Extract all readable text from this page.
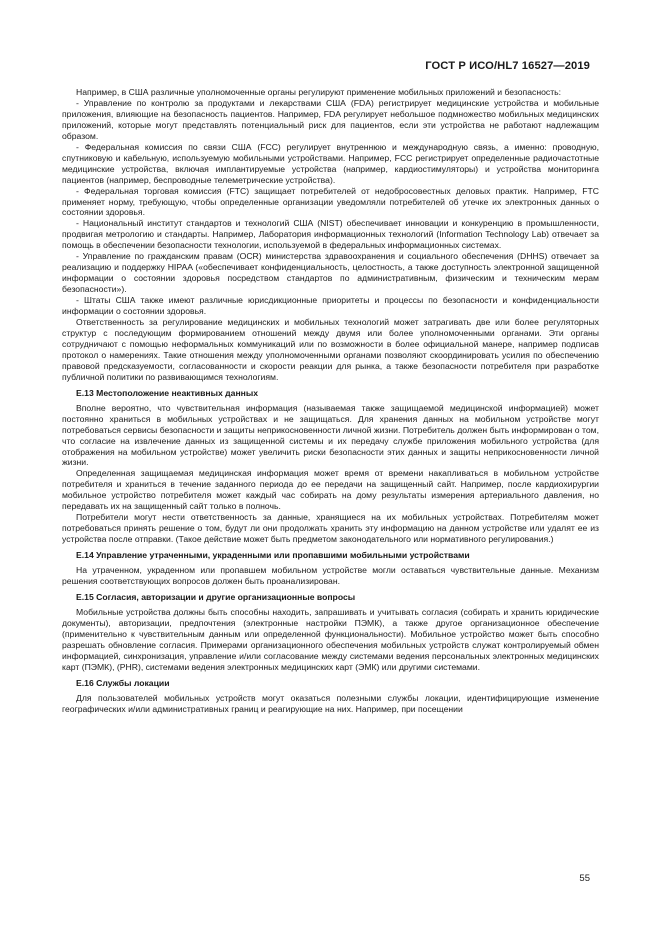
ГОСТ Р ИСО/HL7 16527—2019

Например, в США различные уполномоченные органы регулируют применение мобильных приложений и безопасность:

- Управление по контролю за продуктами и лекарствами США (FDA) регистрирует медицинские устройства и мобильные приложения, влияющие на безопасность пациентов. Например, FDA регулирует небольшое подмножество мобильных медицинских приложений, которые могут представлять потенциальный риск для пациентов, если эти устройства не работают надлежащим образом.

- Федеральная комиссия по связи США (FCC) регулирует внутреннюю и международную связь, а именно: проводную, спутниковую и кабельную, используемую мобильными устройствами. Например, FCC регистрирует определенные радиочастотные медицинские устройства, включая имплантируемые устройства (например, кардиостимуляторы) и устройства мониторинга пациентов (например, беспроводные телеметрические устройства).

- Федеральная торговая комиссия (FTC) защищает потребителей от недобросовестных деловых практик. Например, FTC применяет норму, требующую, чтобы определенные организации уведомляли потребителей об утечке их электронных данных о состоянии здоровья.

- Национальный институт стандартов и технологий США (NIST) обеспечивает инновации и конкуренцию в промышленности, продвигая метрологию и стандарты. Например, Лаборатория информационных технологий (Information Technology Lab) отвечает за помощь в обеспечении безопасности технологии, используемой в федеральных информационных системах.

- Управление по гражданским правам (OCR) министерства здравоохранения и социального обеспечения (DHHS) отвечает за реализацию и поддержку HIPAA («обеспечивает конфиденциальность, целостность, а также доступность электронной защищенной информации о состоянии здоровья посредством стандартов по административным, физическим и техническим мерам безопасности»).

- Штаты США также имеют различные юрисдикционные приоритеты и процессы по безопасности и конфиденциальности информации о состоянии здоровья.

Ответственность за регулирование медицинских и мобильных технологий может затрагивать две или более регуляторных структур с последующим формированием отношений между двумя или более уполномоченными органами. Эти органы сотрудничают с помощью неформальных коммуникаций или по возможности в более официальной манере, например подписав протокол о намерениях. Такие отношения между уполномоченными органами позволяют скоординировать усилия по обеспечению правовой предсказуемости, согласованности и скорости реакции для рынка, а также безопасности потребителя при разработке публичной политики по развивающимся технологиям.

Е.13 Местоположение неактивных данных

Вполне вероятно, что чувствительная информация (называемая также защищаемой медицинской информацией) может постоянно храниться в мобильных устройствах и не защищаться. Для хранения данных на мобильном устройстве могут потребоваться сервисы безопасности и защиты неприкосновенности личной жизни. Потребитель должен быть информирован о том, что согласие на извлечение данных из защищенной системы и их передачу службе приложения мобильного устройства (для отображения на мобильном устройстве) может увеличить риски безопасности этих данных и защиты неприкосновенности личной жизни.

Определенная защищаемая медицинская информация может время от времени накапливаться в мобильном устройстве потребителя и храниться в течение заданного периода до ее передачи на защищенный сайт. Например, после кардиохирургии мобильное устройство потребителя может каждый час собирать на дому результаты измерения артериального давления, но передавать их на защищенный сайт только в полночь.

Потребители могут нести ответственность за данные, хранящиеся на их мобильных устройствах. Потребителям может потребоваться принять решение о том, будут ли они продолжать хранить эту информацию на данном устройстве или удалят ее из устройства после отправки. (Такое действие может быть предметом законодательного или нормативного регулирования.)

Е.14 Управление утраченными, украденными или пропавшими мобильными устройствами

На утраченном, украденном или пропавшем мобильном устройстве могли оставаться чувствительные данные. Механизм решения соответствующих вопросов должен быть проанализирован.

Е.15 Согласия, авторизации и другие организационные вопросы

Мобильные устройства должны быть способны находить, запрашивать и учитывать согласия (собирать и хранить юридические документы), авторизации, предпочтения (электронные настройки ПЭМК), а также другое организационное обеспечение (применительно к чувствительным данным или определенной функциональности). Мобильное устройство может быть способно разрешать обновление согласия. Примерами организационного обеспечения мобильных устройств служат контролируемый обмен информацией, синхронизация, управление и/или согласование между системами ведения персональных электронных медицинских карт (ПЭМК), (PHR), системами ведения электронных медицинских карт (ЭМК) или другими системами.

Е.16 Службы локации

Для пользователей мобильных устройств могут оказаться полезными службы локации, идентифицирующие изменение географических и/или административных границ и реагирующие на них. Например, при посещении

55
